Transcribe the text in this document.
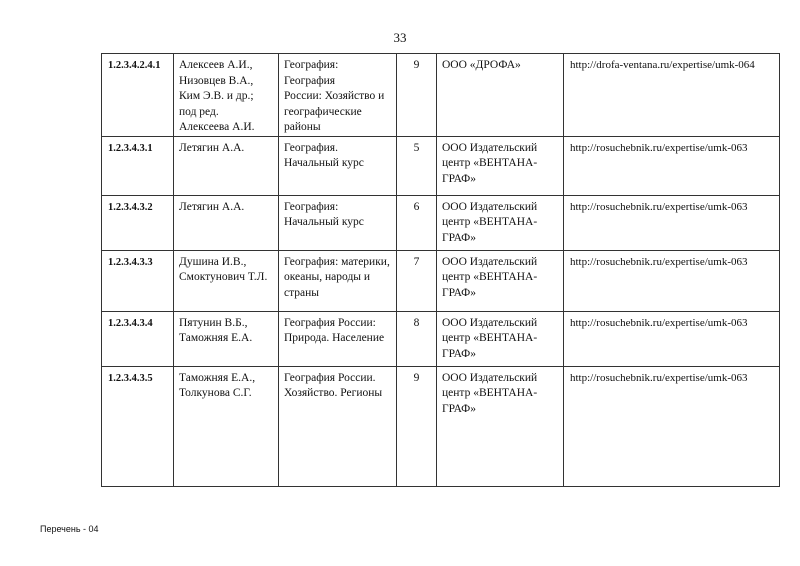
33
1.2.3.4.2.4.1	Алексеев А.И.,
Низовцев В.А.,
Ким Э.В. и др.;
под ред.
Алексеева А.И.	География: География
России: Хозяйство и
географические
районы	9	ООО «ДРОФА»	http://drofa-ventana.ru/expertise/umk-064
1.2.3.4.3.1	Летягин А.А.	География.
Начальный курс	5	ООО Издательский
центр «ВЕНТАНА-
ГРАФ»	http://rosuchebnik.ru/expertise/umk-063
1.2.3.4.3.2	Летягин А.А.	География:
Начальный курс	6	ООО Издательский
центр «ВЕНТАНА-
ГРАФ»	http://rosuchebnik.ru/expertise/umk-063
1.2.3.4.3.3	Душина И.В.,
Смоктунович Т.Л.	География: материки,
океаны, народы и
страны	7	ООО Издательский
центр «ВЕНТАНА-
ГРАФ»	http://rosuchebnik.ru/expertise/umk-063
1.2.3.4.3.4	Пятунин В.Б.,
Таможняя Е.А.	География России:
Природа. Население	8	ООО Издательский
центр «ВЕНТАНА-
ГРАФ»	http://rosuchebnik.ru/expertise/umk-063
1.2.3.4.3.5	Таможняя Е.А.,
Толкунова С.Г.	География России.
Хозяйство. Регионы	9	ООО Издательский
центр «ВЕНТАНА-
ГРАФ»	http://rosuchebnik.ru/expertise/umk-063
Перечень - 04
